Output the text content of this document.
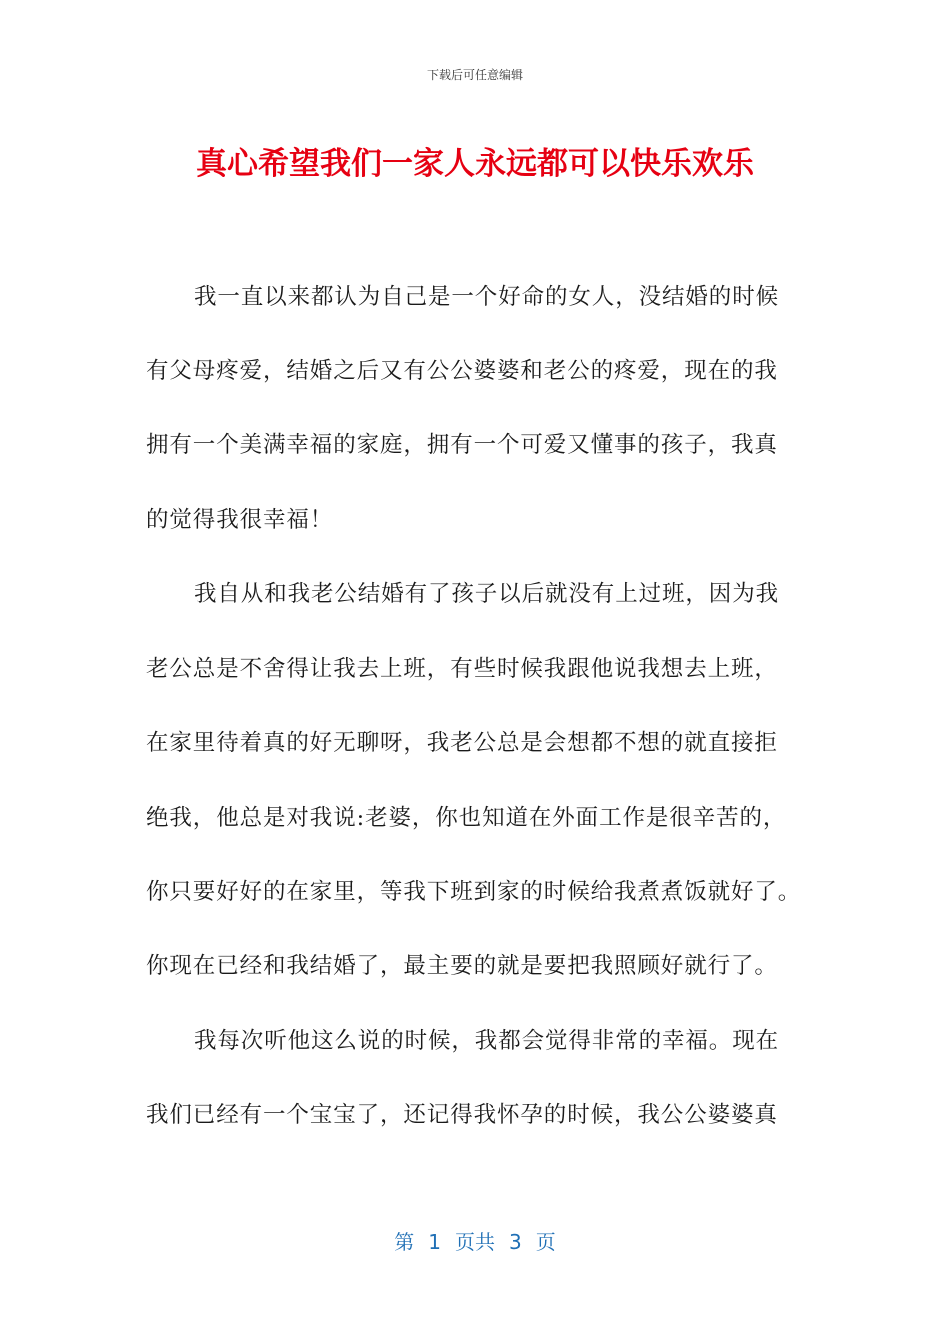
下载后可任意编辑
真心希望我们一家人永远都可以快乐欢乐
我一直以来都认为自己是一个好命的女人，没结婚的时候
有父母疼爱，结婚之后又有公公婆婆和老公的疼爱，现在的我
拥有一个美满幸福的家庭，拥有一个可爱又懂事的孩子，我真
的觉得我很幸福！
我自从和我老公结婚有了孩子以后就没有上过班，因为我
老公总是不舍得让我去上班，有些时候我跟他说我想去上班，
在家里待着真的好无聊呀，我老公总是会想都不想的就直接拒
绝我，他总是对我说:老婆，你也知道在外面工作是很辛苦的，
你只要好好的在家里，等我下班到家的时候给我煮煮饭就好了。
你现在已经和我结婚了，最主要的就是要把我照顾好就行了。
我每次听他这么说的时候，我都会觉得非常的幸福。现在
我们已经有一个宝宝了，还记得我怀孕的时候，我公公婆婆真
第 1 页共 3 页
